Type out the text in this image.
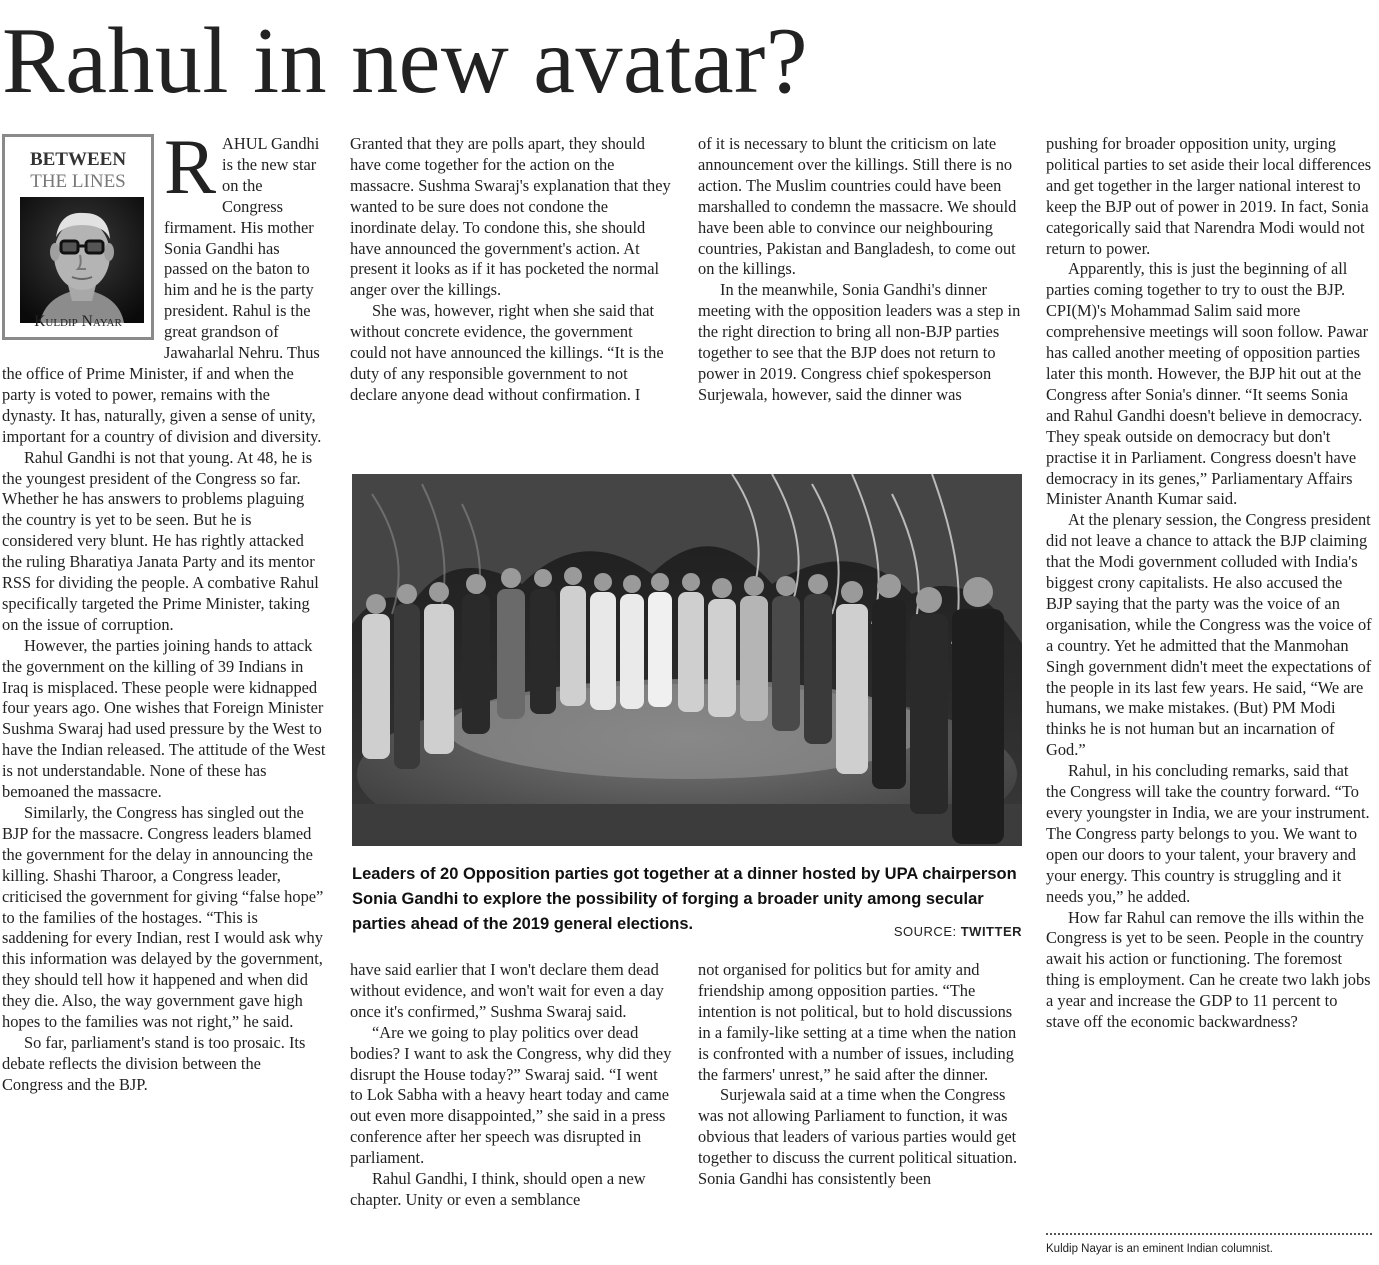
Rahul in new avatar?
BETWEEN
THE LINES
Kuldip Nayar

RAHUL Gandhi is the new star on the Congress firmament. His mother Sonia Gandhi has passed on the baton to him and he is the party president. Rahul is the great grandson of Jawaharlal Nehru. Thus the office of Prime Minister, if and when the party is voted to power, remains with the dynasty. It has, naturally, given a sense of unity, important for a country of division and diversity.

Rahul Gandhi is not that young. At 48, he is the youngest president of the Congress so far. Whether he has answers to problems plaguing the country is yet to be seen. But he is considered very blunt. He has rightly attacked the ruling Bharatiya Janata Party and its mentor RSS for dividing the people. A combative Rahul specifically targeted the Prime Minister, taking on the issue of corruption.

However, the parties joining hands to attack the government on the killing of 39 Indians in Iraq is misplaced. These people were kidnapped four years ago. One wishes that Foreign Minister Sushma Swaraj had used pressure by the West to have the Indian released. The attitude of the West is not understandable. None of these has bemoaned the massacre.

Similarly, the Congress has singled out the BJP for the massacre. Congress leaders blamed the government for the delay in announcing the killing. Shashi Tharoor, a Congress leader, criticised the government for giving “false hope” to the families of the hostages. “This is saddening for every Indian, rest I would ask why this information was delayed by the government, they should tell how it happened and when did they die. Also, the way government gave high hopes to the families was not right,” he said.

So far, parliament's stand is too prosaic. Its debate reflects the division between the Congress and the BJP.

Granted that they are polls apart, they should have come together for the action on the massacre. Sushma Swaraj's explanation that they wanted to be sure does not condone the inordinate delay. To condone this, she should have announced the government's action. At present it looks as if it has pocketed the normal anger over the killings.

She was, however, right when she said that without concrete evidence, the government could not have announced the killings. “It is the duty of any responsible government to not declare anyone dead without confirmation. I

of it is necessary to blunt the criticism on late announcement over the killings. Still there is no action. The Muslim countries could have been marshalled to condemn the massacre. We should have been able to convince our neighbouring countries, Pakistan and Bangladesh, to come out on the killings.

In the meanwhile, Sonia Gandhi's dinner meeting with the opposition leaders was a step in the right direction to bring all non-BJP parties together to see that the BJP does not return to power in 2019. Congress chief spokesperson Surjewala, however, said the dinner was

Leaders of 20 Opposition parties got together at a dinner hosted by UPA chairperson Sonia Gandhi to explore the possibility of forging a broader unity among secular parties ahead of the 2019 general elections.	SOURCE: TWITTER

have said earlier that I won't declare them dead without evidence, and won't wait for even a day once it's confirmed,” Sushma Swaraj said.

“Are we going to play politics over dead bodies? I want to ask the Congress, why did they disrupt the House today?” Swaraj said. “I went to Lok Sabha with a heavy heart today and came out even more disappointed,” she said in a press conference after her speech was disrupted in parliament.

Rahul Gandhi, I think, should open a new chapter. Unity or even a semblance

not organised for politics but for amity and friendship among opposition parties. “The intention is not political, but to hold discussions in a family-like setting at a time when the nation is confronted with a number of issues, including the farmers' unrest,” he said after the dinner.

Surjewala said at a time when the Congress was not allowing Parliament to function, it was obvious that leaders of various parties would get together to discuss the current political situation. Sonia Gandhi has consistently been

pushing for broader opposition unity, urging political parties to set aside their local differences and get together in the larger national interest to keep the BJP out of power in 2019. In fact, Sonia categorically said that Narendra Modi would not return to power.

Apparently, this is just the beginning of all parties coming together to try to oust the BJP. CPI(M)'s Mohammad Salim said more comprehensive meetings will soon follow. Pawar has called another meeting of opposition parties later this month. However, the BJP hit out at the Congress after Sonia's dinner. “It seems Sonia and Rahul Gandhi doesn't believe in democracy. They speak outside on democracy but don't practise it in Parliament. Congress doesn't have democracy in its genes,” Parliamentary Affairs Minister Ananth Kumar said.

At the plenary session, the Congress president did not leave a chance to attack the BJP claiming that the Modi government colluded with India's biggest crony capitalists. He also accused the BJP saying that the party was the voice of an organisation, while the Congress was the voice of a country. Yet he admitted that the Manmohan Singh government didn't meet the expectations of the people in its last few years. He said, “We are humans, we make mistakes. (But) PM Modi thinks he is not human but an incarnation of God.”

Rahul, in his concluding remarks, said that the Congress will take the country forward. “To every youngster in India, we are your instrument. The Congress party belongs to you. We want to open our doors to your talent, your bravery and your energy. This country is struggling and it needs you,” he added.

How far Rahul can remove the ills within the Congress is yet to be seen. People in the country await his action or functioning. The foremost thing is employment. Can he create two lakh jobs a year and increase the GDP to 11 percent to stave off the economic backwardness?

Kuldip Nayar is an eminent Indian columnist.
